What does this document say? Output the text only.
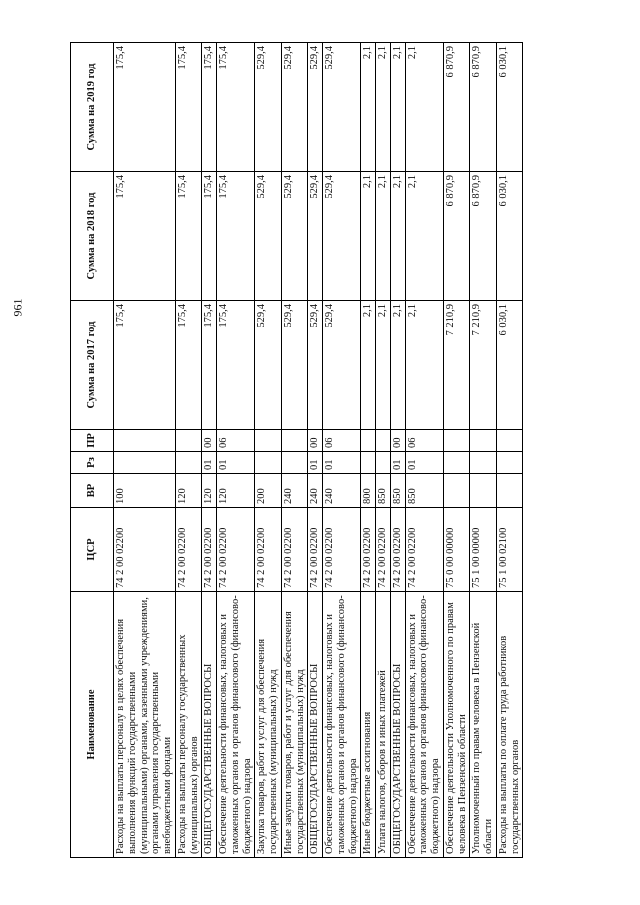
961
Наименование	ЦСР	ВР	Рз	ПР	Сумма на 2017 год	Сумма на 2018 год	Сумма на 2019 год
Расходы на выплаты персоналу в целях обеспечения выполнения функций государственными (муниципальными) органами, казенными учреждениями, органами управления государственными внебюджетными фондами	74 2 00 02200	100			175,4	175,4	175,4
Расходы на выплаты персоналу государственных (муниципальных) органов	74 2 00 02200	120			175,4	175,4	175,4
ОБЩЕГОСУДАРСТВЕННЫЕ ВОПРОСЫ	74 2 00 02200	120	01	00	175,4	175,4	175,4
Обеспечение деятельности финансовых, налоговых и таможенных органов и органов финансового (финансово-бюджетного) надзора	74 2 00 02200	120	01	06	175,4	175,4	175,4
Закупка товаров, работ и услуг для обеспечения государственных (муниципальных) нужд	74 2 00 02200	200			529,4	529,4	529,4
Иные закупки товаров, работ и услуг для обеспечения государственных (муниципальных) нужд	74 2 00 02200	240			529,4	529,4	529,4
ОБЩЕГОСУДАРСТВЕННЫЕ ВОПРОСЫ	74 2 00 02200	240	01	00	529,4	529,4	529,4
Обеспечение деятельности финансовых, налоговых и таможенных органов и органов финансового (финансово-бюджетного) надзора	74 2 00 02200	240	01	06	529,4	529,4	529,4
Иные бюджетные ассигнования	74 2 00 02200	800			2,1	2,1	2,1
Уплата налогов, сборов и иных платежей	74 2 00 02200	850			2,1	2,1	2,1
ОБЩЕГОСУДАРСТВЕННЫЕ ВОПРОСЫ	74 2 00 02200	850	01	00	2,1	2,1	2,1
Обеспечение деятельности финансовых, налоговых и таможенных органов и органов финансового (финансово-бюджетного) надзора	74 2 00 02200	850	01	06	2,1	2,1	2,1
Обеспечение деятельности Уполномоченного по правам человека в Пензенской области	75 0 00 00000				7 210,9	6 870,9	6 870,9
Уполномоченный по правам человека в Пензенской области	75 1 00 00000				7 210,9	6 870,9	6 870,9
Расходы на выплаты по оплате труда работников государственных органов	75 1 00 02100				6 030,1	6 030,1	6 030,1
